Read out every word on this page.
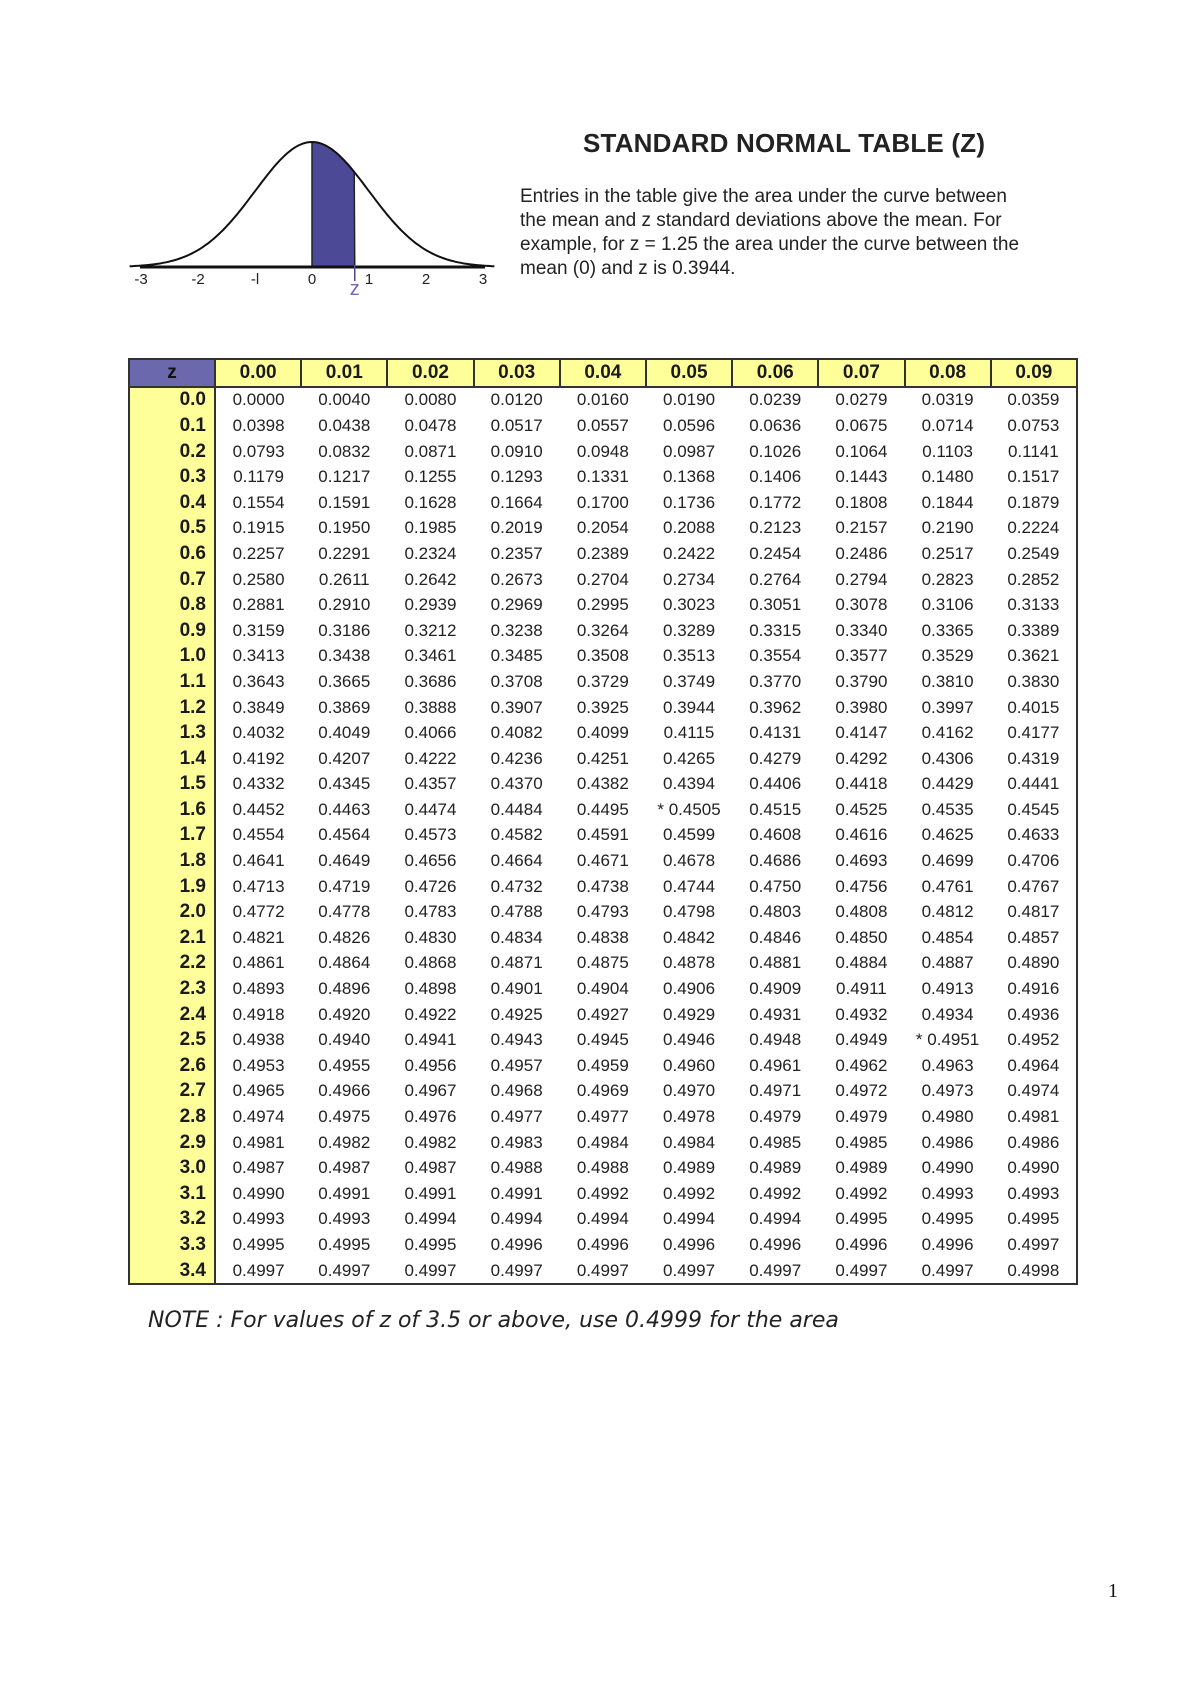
-3	-2	-l	0	1	2	3
z
STANDARD NORMAL TABLE (Z)

Entries in the table give the area under the curve between the mean and z standard deviations above the mean. For example, for z = 1.25 the area under the curve between the mean (0) and z is 0.3944.

z	0.00	0.01	0.02	0.03	0.04	0.05	0.06	0.07	0.08	0.09
0.0	0.0000	0.0040	0.0080	0.0120	0.0160	0.0190	0.0239	0.0279	0.0319	0.0359
0.1	0.0398	0.0438	0.0478	0.0517	0.0557	0.0596	0.0636	0.0675	0.0714	0.0753
0.2	0.0793	0.0832	0.0871	0.0910	0.0948	0.0987	0.1026	0.1064	0.1103	0.1141
0.3	0.1179	0.1217	0.1255	0.1293	0.1331	0.1368	0.1406	0.1443	0.1480	0.1517
0.4	0.1554	0.1591	0.1628	0.1664	0.1700	0.1736	0.1772	0.1808	0.1844	0.1879
0.5	0.1915	0.1950	0.1985	0.2019	0.2054	0.2088	0.2123	0.2157	0.2190	0.2224
0.6	0.2257	0.2291	0.2324	0.2357	0.2389	0.2422	0.2454	0.2486	0.2517	0.2549
0.7	0.2580	0.2611	0.2642	0.2673	0.2704	0.2734	0.2764	0.2794	0.2823	0.2852
0.8	0.2881	0.2910	0.2939	0.2969	0.2995	0.3023	0.3051	0.3078	0.3106	0.3133
0.9	0.3159	0.3186	0.3212	0.3238	0.3264	0.3289	0.3315	0.3340	0.3365	0.3389
1.0	0.3413	0.3438	0.3461	0.3485	0.3508	0.3513	0.3554	0.3577	0.3529	0.3621
1.1	0.3643	0.3665	0.3686	0.3708	0.3729	0.3749	0.3770	0.3790	0.3810	0.3830
1.2	0.3849	0.3869	0.3888	0.3907	0.3925	0.3944	0.3962	0.3980	0.3997	0.4015
1.3	0.4032	0.4049	0.4066	0.4082	0.4099	0.4115	0.4131	0.4147	0.4162	0.4177
1.4	0.4192	0.4207	0.4222	0.4236	0.4251	0.4265	0.4279	0.4292	0.4306	0.4319
1.5	0.4332	0.4345	0.4357	0.4370	0.4382	0.4394	0.4406	0.4418	0.4429	0.4441
1.6	0.4452	0.4463	0.4474	0.4484	0.4495	* 0.4505	0.4515	0.4525	0.4535	0.4545
1.7	0.4554	0.4564	0.4573	0.4582	0.4591	0.4599	0.4608	0.4616	0.4625	0.4633
1.8	0.4641	0.4649	0.4656	0.4664	0.4671	0.4678	0.4686	0.4693	0.4699	0.4706
1.9	0.4713	0.4719	0.4726	0.4732	0.4738	0.4744	0.4750	0.4756	0.4761	0.4767
2.0	0.4772	0.4778	0.4783	0.4788	0.4793	0.4798	0.4803	0.4808	0.4812	0.4817
2.1	0.4821	0.4826	0.4830	0.4834	0.4838	0.4842	0.4846	0.4850	0.4854	0.4857
2.2	0.4861	0.4864	0.4868	0.4871	0.4875	0.4878	0.4881	0.4884	0.4887	0.4890
2.3	0.4893	0.4896	0.4898	0.4901	0.4904	0.4906	0.4909	0.4911	0.4913	0.4916
2.4	0.4918	0.4920	0.4922	0.4925	0.4927	0.4929	0.4931	0.4932	0.4934	0.4936
2.5	0.4938	0.4940	0.4941	0.4943	0.4945	0.4946	0.4948	0.4949	* 0.4951	0.4952
2.6	0.4953	0.4955	0.4956	0.4957	0.4959	0.4960	0.4961	0.4962	0.4963	0.4964
2.7	0.4965	0.4966	0.4967	0.4968	0.4969	0.4970	0.4971	0.4972	0.4973	0.4974
2.8	0.4974	0.4975	0.4976	0.4977	0.4977	0.4978	0.4979	0.4979	0.4980	0.4981
2.9	0.4981	0.4982	0.4982	0.4983	0.4984	0.4984	0.4985	0.4985	0.4986	0.4986
3.0	0.4987	0.4987	0.4987	0.4988	0.4988	0.4989	0.4989	0.4989	0.4990	0.4990
3.1	0.4990	0.4991	0.4991	0.4991	0.4992	0.4992	0.4992	0.4992	0.4993	0.4993
3.2	0.4993	0.4993	0.4994	0.4994	0.4994	0.4994	0.4994	0.4995	0.4995	0.4995
3.3	0.4995	0.4995	0.4995	0.4996	0.4996	0.4996	0.4996	0.4996	0.4996	0.4997
3.4	0.4997	0.4997	0.4997	0.4997	0.4997	0.4997	0.4997	0.4997	0.4997	0.4998

NOTE : For values of z of 3.5 or above, use 0.4999 for the area

1
